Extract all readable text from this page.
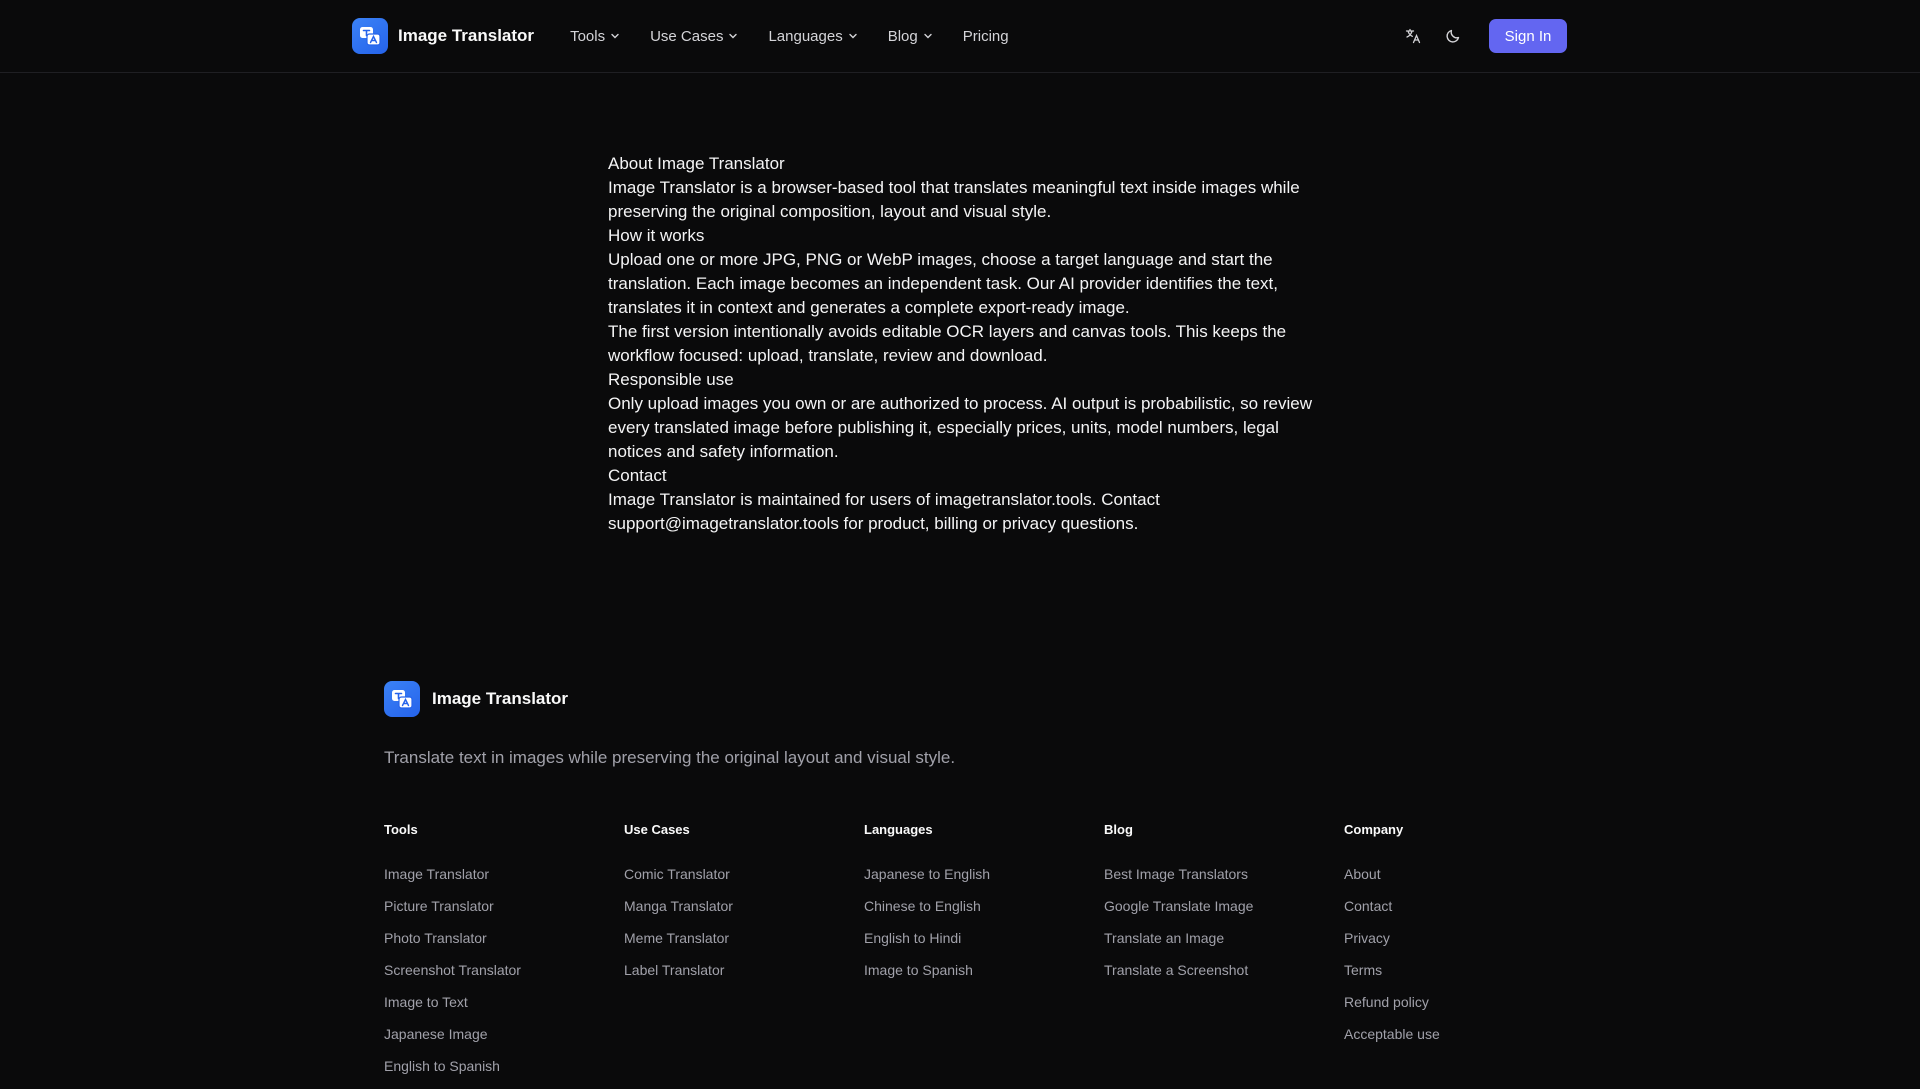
Image Translator Tools	Use Cases	Languages	Blog	Pricing	Sign In

About Image Translator

Image Translator is a browser-based tool that translates meaningful text inside images while preserving the original composition, layout and visual style.

How it works

Upload one or more JPG, PNG or WebP images, choose a target language and start the translation. Each image becomes an independent task. Our AI provider identifies the text, translates it in context and generates a complete export-ready image.

The first version intentionally avoids editable OCR layers and canvas tools. This keeps the workflow focused: upload, translate, review and download.

Responsible use

Only upload images you own or are authorized to process. AI output is probabilistic, so review every translated image before publishing it, especially prices, units, model numbers, legal notices and safety information.

Contact

Image Translator is maintained for users of imagetranslator.tools. Contact support@imagetranslator.tools for product, billing or privacy questions.

Image Translator

Translate text in images while preserving the original layout and visual style.

Tools
Image Translator
Picture Translator
Photo Translator
Screenshot Translator
Image to Text
Japanese Image
English to Spanish
Use Cases
Comic Translator
Manga Translator
Meme Translator
Label Translator
Languages
Japanese to English
Chinese to English
English to Hindi
Image to Spanish
Blog
Best Image Translators
Google Translate Image
Translate an Image
Translate a Screenshot
Company
About
Contact
Privacy
Terms
Refund policy
Acceptable use
